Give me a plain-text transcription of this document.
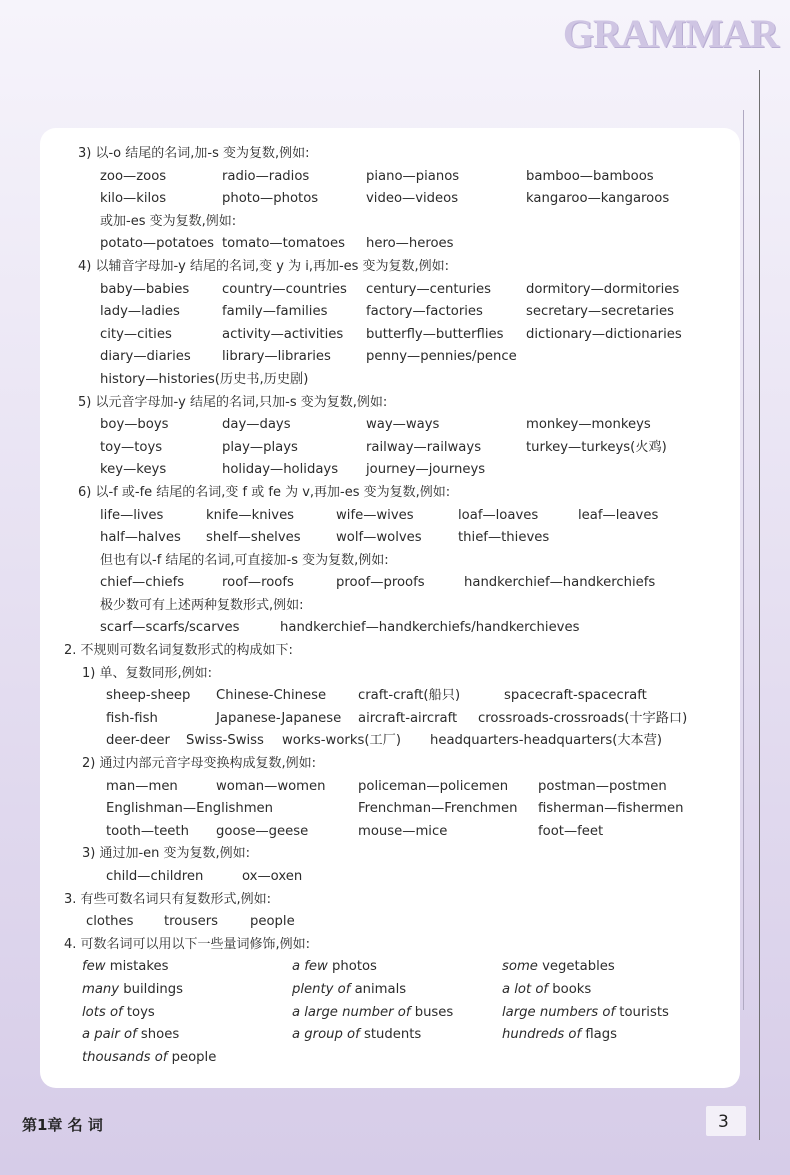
GRAMMAR
3) 以-o 结尾的名词,加-s 变为复数,例如:
zoo—zoos	radio—radios	piano—pianos	bamboo—bamboos
kilo—kilos	photo—photos	video—videos	kangaroo—kangaroos
或加-es 变为复数,例如:
potato—potatoes tomato—tomatoes hero—heroes
4) 以辅音字母加-y 结尾的名词,变 y 为 i,再加-es 变为复数,例如:
baby—babies country—countries century—centuries	dormitory—dormitories
lady—ladies	family—families	factory—factories	secretary—secretaries
city—cities	activity—activities butterfly—butterflies dictionary—dictionaries
diary—diaries library—libraries	penny—pennies/pence
history—histories(历史书,历史剧)
5) 以元音字母加-y 结尾的名词,只加-s 变为复数,例如:
boy—boys	day—days	way—ways	monkey—monkeys
toy—toys	play—plays	railway—railways	turkey—turkeys(火鸡)
key—keys	holiday—holidays journey—journeys
6) 以-f 或-fe 结尾的名词,变 f 或 fe 为 v,再加-es 变为复数,例如:
life—lives	knife—knives	wife—wives	loaf—loaves	leaf—leaves
half—halves shelf—shelves	wolf—wolves	thief—thieves
但也有以-f 结尾的名词,可直接加-s 变为复数,例如:
chief—chiefs	roof—roofs	proof—proofs	handkerchief—handkerchiefs
极少数可有上述两种复数形式,例如:
scarf—scarfs/scarves	handkerchief—handkerchiefs/handkerchieves
2. 不规则可数名词复数形式的构成如下:
1) 单、复数同形,例如:
sheep-sheep Chinese-Chinese craft-craft(船只)	spacecraft-spacecraft
fish-fish	Japanese-Japanese aircraft-aircraft crossroads-crossroads(十字路口)
deer-deer Swiss-Swiss works-works(工厂) headquarters-headquarters(大本营)
2) 通过内部元音字母变换构成复数,例如:
man—men	woman—women policeman—policemen postman—postmen
Englishman—Englishmen	Frenchman—Frenchmen fisherman—fishermen
tooth—teeth goose—geese	mouse—mice	foot—feet
3) 通过加-en 变为复数,例如:
child—children	ox—oxen
3. 有些可数名词只有复数形式,例如:
clothes trousers people
4. 可数名词可以用以下一些量词修饰,例如:
few mistakes	a few photos	some vegetables
many buildings	plenty of animals	a lot of books
lots of toys	a large number of buses	large numbers of tourists
a pair of shoes	a group of students	hundreds of flags
thousands of people
第1章 名 词	3
